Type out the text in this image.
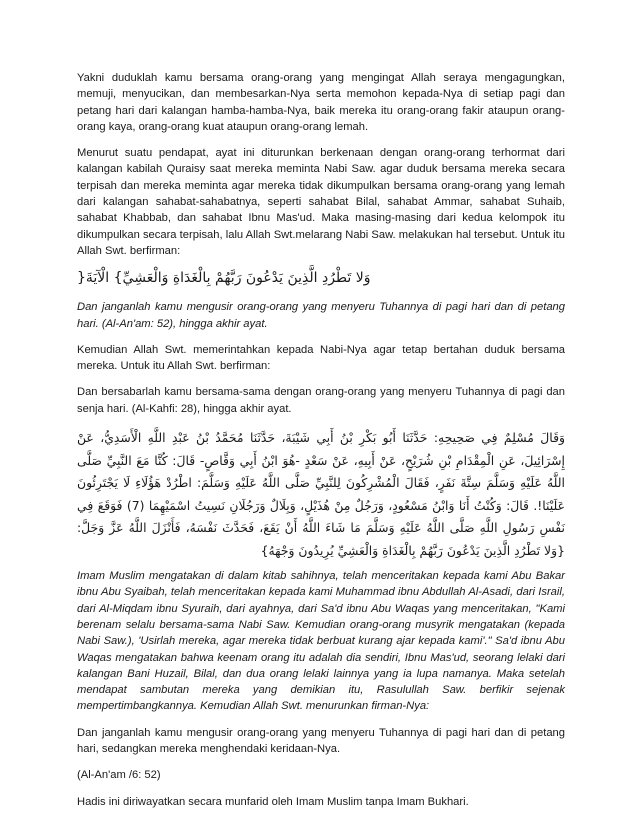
Yakni duduklah kamu bersama orang-orang yang mengingat Allah seraya mengagungkan, memuji, menyucikan, dan membesarkan-Nya serta memohon kepada-Nya di setiap pagi dan petang hari dari kalangan hamba-hamba-Nya, baik mereka itu orang-orang fakir ataupun orang-orang kaya, orang-orang kuat ataupun orang-orang lemah.

Menurut suatu pendapat, ayat ini diturunkan berkenaan dengan orang-orang terhormat dari kalangan kabilah Quraisy saat mereka meminta Nabi Saw. agar duduk bersama mereka secara terpisah dan mereka meminta agar mereka tidak dikumpulkan bersama orang-orang yang lemah dari kalangan sahabat-sahabatnya, seperti sahabat Bilal, sahabat Ammar, sahabat Suhaib, sahabat Khabbab, dan sahabat Ibnu Mas'ud. Maka masing-masing dari kedua kelompok itu dikumpulkan secara terpisah, lalu Allah Swt.melarang Nabi Saw. melakukan hal tersebut. Untuk itu Allah Swt. berfirman:

وَلا تَطْرُدِ الَّذِينَ يَدْعُونَ رَبَّهُمْ بِالْغَدَاةِ وَالْعَشِيِّ} الْآيَةَ{

Dan janganlah kamu mengusir orang-orang yang menyeru Tuhannya di pagi hari dan di petang hari. (Al-An'am: 52), hingga akhir ayat.

Kemudian Allah Swt. memerintahkan kepada Nabi-Nya agar tetap bertahan duduk bersama mereka. Untuk itu Allah Swt. berfirman:

Dan bersabarlah kamu bersama-sama dengan orang-orang yang menyeru Tuhannya di pagi dan senja hari. (Al-Kahfi: 28), hingga akhir ayat.

وَقَالَ مُسْلِمٌ فِي صَحِيحِهِ: حَدَّثَنَا أَبُو بَكْرِ بْنُ أَبِي شَيْبَةَ، حَدَّثَنَا مُحَمَّدُ بْنُ عَبْدِ اللَّهِ الْأَسَدِيُّ، عَنْ إِسْرَائِيلَ، عَنِ الْمِقْدَامِ بْنِ شُرَيْحٍ، عَنْ أَبِيهِ، عَنْ سَعْدٍ -هُوَ ابْنُ أَبِي وَقَّاصٍ- قَالَ: كُنَّا مَعَ النَّبِيِّ صَلَّى اللَّهُ عَلَيْهِ وَسَلَّمَ سِتَّةَ نَفَرٍ، فَقَالَ الْمُشْرِكُونَ لِلنَّبِيِّ صَلَّى اللَّهُ عَلَيْهِ وَسَلَّمَ: اطْرُدْ هَؤُلَاءِ لَا يَجْتَرِئُونَ عَلَيْنَا!. قَالَ: وَكُنْتُ أَنَا وَابْنُ مَسْعُودٍ، وَرَجُلٌ مِنْ هُذَيْلٍ، وَبِلَالٌ وَرَجُلَانِ نَسِيتُ اسْمَيْهِمَا (7) فَوَقَعَ فِي نَفْسِ رَسُولِ اللَّهِ صَلَّى اللَّهُ عَلَيْهِ وَسَلَّمَ مَا شَاءَ اللَّهُ أَنْ يَقَعَ، فَحَدَّثَ نَفْسَهُ، فَأَنْزَلَ اللَّهُ عَزَّ وَجَلَّ: {وَلا تَطْرُدِ الَّذِينَ يَدْعُونَ رَبَّهُمْ بِالْغَدَاةِ وَالْعَشِيِّ يُرِيدُونَ وَجْهَهُ}

Imam Muslim mengatakan di dalam kitab sahihnya, telah menceritakan kepada kami Abu Bakar ibnu Abu Syaibah, telah menceritakan kepada kami Muhammad ibnu Abdullah Al-Asadi, dari Israil, dari Al-Miqdam ibnu Syuraih, dari ayahnya, dari Sa'd ibnu Abu Waqas yang menceritakan, "Kami berenam selalu bersama-sama Nabi Saw. Kemudian orang-orang musyrik mengatakan (kepada Nabi Saw.), 'Usirlah mereka, agar mereka tidak berbuat kurang ajar kepada kami'." Sa'd ibnu Abu Waqas mengatakan bahwa keenam orang itu adalah dia sendiri, Ibnu Mas'ud, seorang lelaki dari kalangan Bani Huzail, Bilal, dan dua orang lelaki lainnya yang ia lupa namanya. Maka setelah mendapat sambutan mereka yang demikian itu, Rasulullah Saw. berfikir sejenak mempertimbangkannya. Kemudian Allah Swt. menurunkan firman-Nya:

Dan janganlah kamu mengusir orang-orang yang menyeru Tuhannya di pagi hari dan di petang hari, sedangkan mereka menghendaki keridaan-Nya.

(Al-An'am /6: 52)

Hadis ini diriwayatkan secara munfarid oleh Imam Muslim tanpa Imam Bukhari.
